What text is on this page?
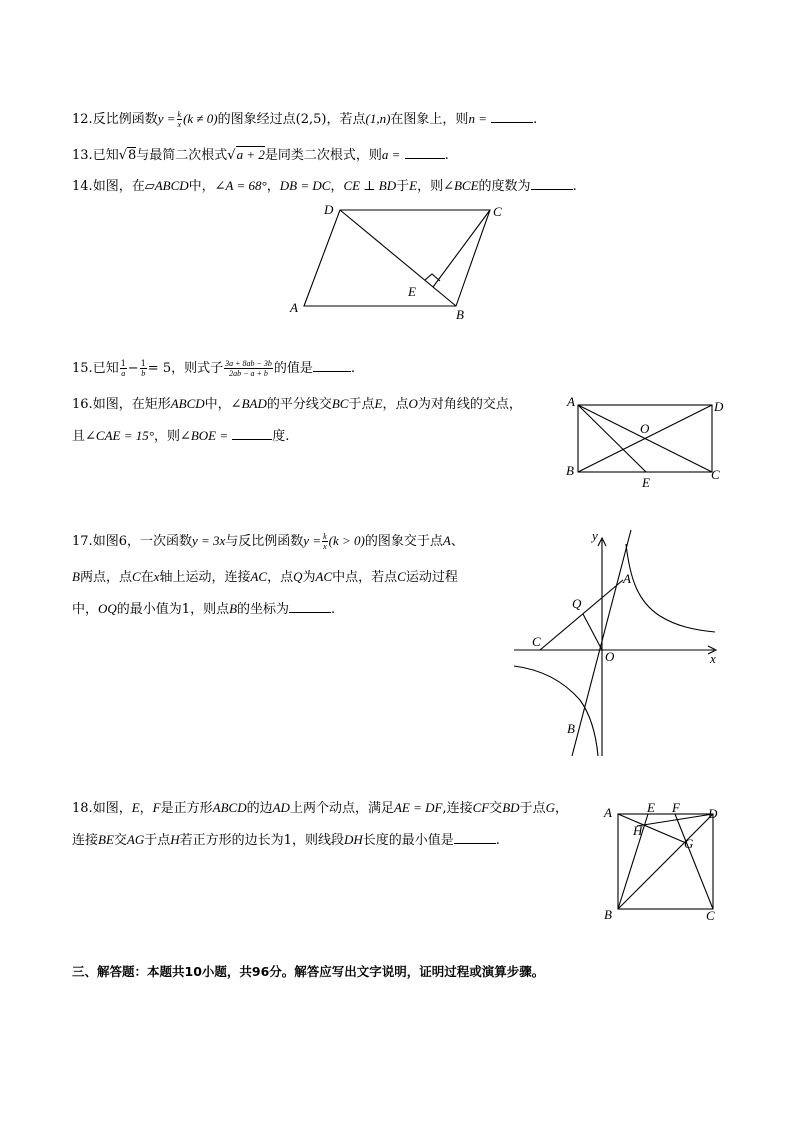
12.反比例函数$y = \frac{k}{x} (k \ne 0)$的图象经过点(2,5)，若点(1,n)在图象上，则n =	.
13.已知√8与最简二次根式√a + 2是同类二次根式，则a =	.
14.如图，在▱ABCD中，∠A = 68°，DB = DC，CE ⊥ BD于E，则∠BCE的度数为	.
D	C
A	B
E
15.已知 $\frac{1}{a} - \frac{1}{b} = 5$，则式子 $\frac{3a + 8ab - 3b}{2ab - a + b}$ 的值是	.
16.如图，在矩形ABCD中，∠BAD的平分线交BC于点E，点O为对角线的交点，
且∠CAE = 15°，则∠BOE =	度.
A	D
O
B
E
C
17.如图6，一次函数y = 3x与反比例函数$y = \frac{k}{x} (k > 0)$的图象交于点A、
B两点，点C在x轴上运动，连接AC，点Q为AC中点，若点C运动过程
中，OQ的最小值为1，则点B的坐标为	.
y
A
Q
C
O	x
B
18.如图，E，F是正方形ABCD的边AD上两个动点，满足AE = DF,连接CF交BD于点G，
连接BE交AG于点H若正方形的边长为1，则线段DH长度的最小值是	.
A	E F D
H
G
B	C
三、解答题：本题共10小题，共96分。解答应写出文字说明，证明过程或演算步骤。
